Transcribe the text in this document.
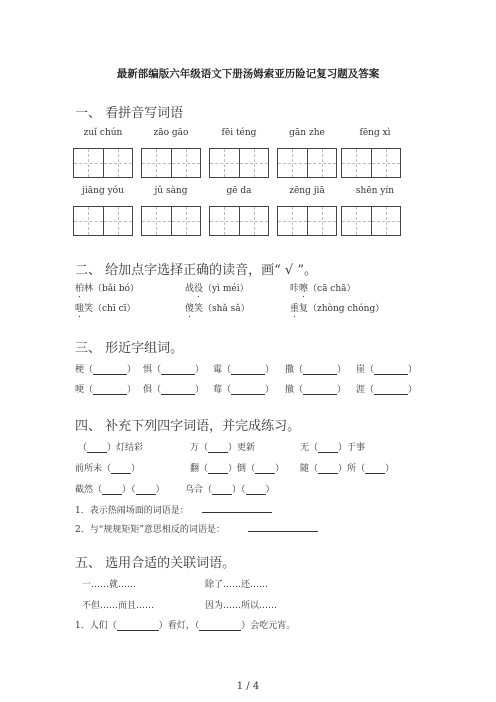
最新部编版六年级语文下册汤姆索亚历险记复习题及答案
一、 看拼音写词语
zuǐ chún	zāo gāo	fēi téng	gān zhe	fēng xì
jiāng yóu	jǔ sàng	gē da	zēng jiā	shēn yín
二、 给加点字选择正确的读音，画“ √ ”。
柏林（bǎi bó）	战役（yì méi）	咔嚓（cā chā）
嗤笑（chī cī）	傻笑（shǎ sǎ）	重复（zhòng chóng）
三、 形近字组词。
梗（	） 惧（	） 霉（	） 撒（	） 崖（	）
哽（	） 俱（	） 莓（	） 撤（	） 涯（	）
四、 补充下列四字词语，并完成练习。
（ ）灯结彩	万（ ）更新	无（ ）于事
前所未（ ）	翻（ ）倒（ ） 随（ ）所（ ）
截然（ ）（ ） 乌合（ ）（ ）
1．表示热闹场面的词语是：
2．与“规规矩矩”意思相反的词语是：
五、 选用合适的关联词语。
一……就……	除了……还……
不但……而且……	因为……所以……
1．人们（	）看灯，（	）会吃元宵。
1 / 4
